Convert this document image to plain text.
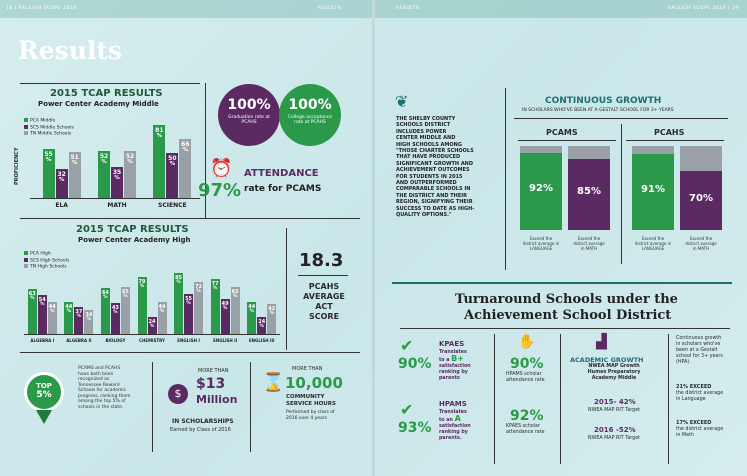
18 | RALEIGH SCOPE 2016	RESULTS	RESULTS	RALEIGH SCOPE 2016 | 19
Results
2015 TCAP RESULTS
Power Center Academy Middle
PCA Middle
SCS Middle Schools
TN Middle Schools
PROFICIENCY	55
%
32
%
51
%
ELA
52
%
35
%
52
%
MATH
81
%
50
%
66
%
SCIENCE
100%
Graduation rate at PCAHS
100%
College acceptance rate at PCAHS
⏰ ATTENDANCE
97% rate for PCAMS
2015 TCAP RESULTS
Power Center Academy High
PCA High
SCS High Schools
TN High Schools
63
% 54
% 44
%
ALGEBRA I
44
% 37
% 34
%
ALGEBRA II
64
%
43
%
65
%
BIOLOGY
79
%
24
%
44
%
CHEMISTRY
85
%
55
%
72
%
ENGLISH I
77
%
49
%
65
%
ENGLISH II
44
%
24
%
42
%
ENGLISH III
18.3
PCAHS
AVERAGE
ACT
SCORE
TOP
5%
PCAMS and PCAHS
have both been
recognized as
Tennessee Reward
Schools for academic
progress, ranking them
among the top 5% of
schools in the state.
MORE THAN
$
$13
Million
IN SCHOLARSHIPS
Earned by Class of 2016
MORE THAN
⌛ 10,000
COMMUNITY
SERVICE HOURS
Performed by class of
2016 over 4 years
❦
THE SHELBY COUNTY
SCHOOLS DISTRICT
INCLUDES POWER
CENTER MIDDLE AND
HIGH SCHOOLS AMONG
"THOSE CHARTER SCHOOLS
THAT HAVE PRODUCED
SIGNIFICANT GROWTH AND
ACHIEVEMENT OUTCOMES
FOR STUDENTS IN 2015
AND OUTPERFORMED
COMPARABLE SCHOOLS IN
THE DISTRICT AND THEIR
REGION, SIGNIFYING THEIR
SUCCESS TO DATE AS HIGH-
QUALITY OPTIONS."
CONTINUOUS GROWTH
IN SCHOLARS WHO'VE BEEN AT A GESTALT SCHOOL FOR 3+ YEARS
PCAMS	PCAHS
92%	85%	91%
70%
Exceed the
district average in
LANGUAGE
Exceed the
district average
in MATH
Exceed the
district average in
LANGUAGE
Exceed the
district average
in MATH
Turnaround Schools under the
Achievement School District
✔
90%
KPAES
Translates
to a B+
satisfaction
ranking by
parents
✔
93%
HPAMS
Translates
to an A
satisfaction
ranking by
parents.
✋
90%
HPAMS scholar
attendance rate
92%
KPAES scholar
attendance rate
▟
ACADEMIC GROWTH
NWEA MAP Growth
Humes Preparatory
Academy Middle
2015- 42%
NWEA MAP RIT Target
2016 -52%
NWEA MAP RIT Target
Continuous growth
in scholars who've
been at a Gestalt
school for 3+ years
(HPA)
21% EXCEED
the district average
in Language
17% EXCEED
the district average
in Math
